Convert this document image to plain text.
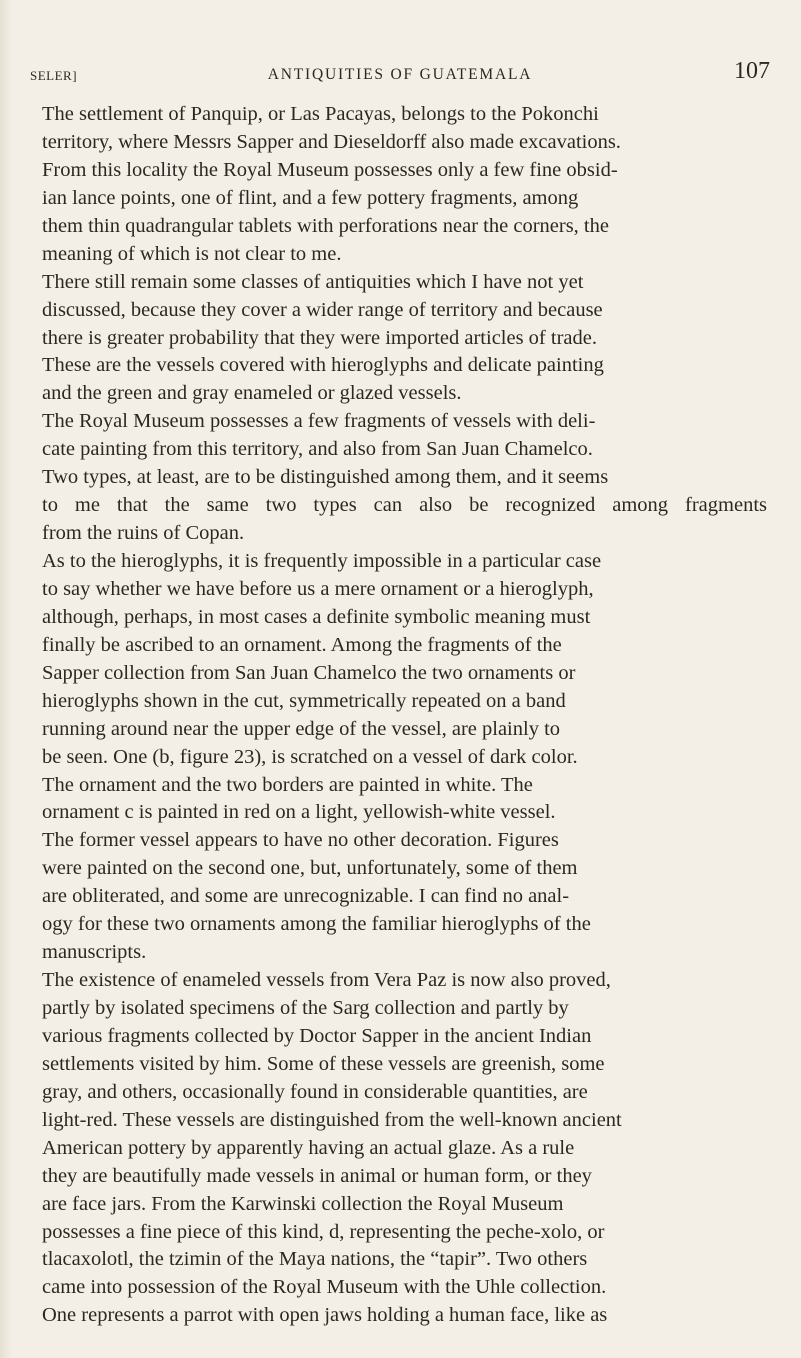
SELER]	ANTIQUITIES OF GUATEMALA	107
The settlement of Panquip, or Las Pacayas, belongs to the Pokonchi
territory, where Messrs Sapper and Dieseldorff also made excavations.
From this locality the Royal Museum possesses only a few fine obsid-
ian lance points, one of flint, and a few pottery fragments, among
them thin quadrangular tablets with perforations near the corners, the
meaning of which is not clear to me.
There still remain some classes of antiquities which I have not yet
discussed, because they cover a wider range of territory and because
there is greater probability that they were imported articles of trade.
These are the vessels covered with hieroglyphs and delicate painting
and the green and gray enameled or glazed vessels.
The Royal Museum possesses a few fragments of vessels with deli-
cate painting from this territory, and also from San Juan Chamelco.
Two types, at least, are to be distinguished among them, and it seems
to me that the same two types can also be recognized among fragments
from the ruins of Copan.
As to the hieroglyphs, it is frequently impossible in a particular case
to say whether we have before us a mere ornament or a hieroglyph,
although, perhaps, in most cases a definite symbolic meaning must
finally be ascribed to an ornament. Among the fragments of the
Sapper collection from San Juan Chamelco the two ornaments or
hieroglyphs shown in the cut, symmetrically repeated on a band
running around near the upper edge of the vessel, are plainly to
be seen. One (b, figure 23), is scratched on a vessel of dark color.
The ornament and the two borders are painted in white. The
ornament c is painted in red on a light, yellowish-white vessel.
The former vessel appears to have no other decoration. Figures
were painted on the second one, but, unfortunately, some of them
are obliterated, and some are unrecognizable. I can find no anal-
ogy for these two ornaments among the familiar hieroglyphs of the
manuscripts.
The existence of enameled vessels from Vera Paz is now also proved,
partly by isolated specimens of the Sarg collection and partly by
various fragments collected by Doctor Sapper in the ancient Indian
settlements visited by him. Some of these vessels are greenish, some
gray, and others, occasionally found in considerable quantities, are
light-red. These vessels are distinguished from the well-known ancient
American pottery by apparently having an actual glaze. As a rule
they are beautifully made vessels in animal or human form, or they
are face jars. From the Karwinski collection the Royal Museum
possesses a fine piece of this kind, d, representing the peche-xolo, or
tlacaxolotl, the tzimin of the Maya nations, the “tapir”. Two others
came into possession of the Royal Museum with the Uhle collection.
One represents a parrot with open jaws holding a human face, like as
